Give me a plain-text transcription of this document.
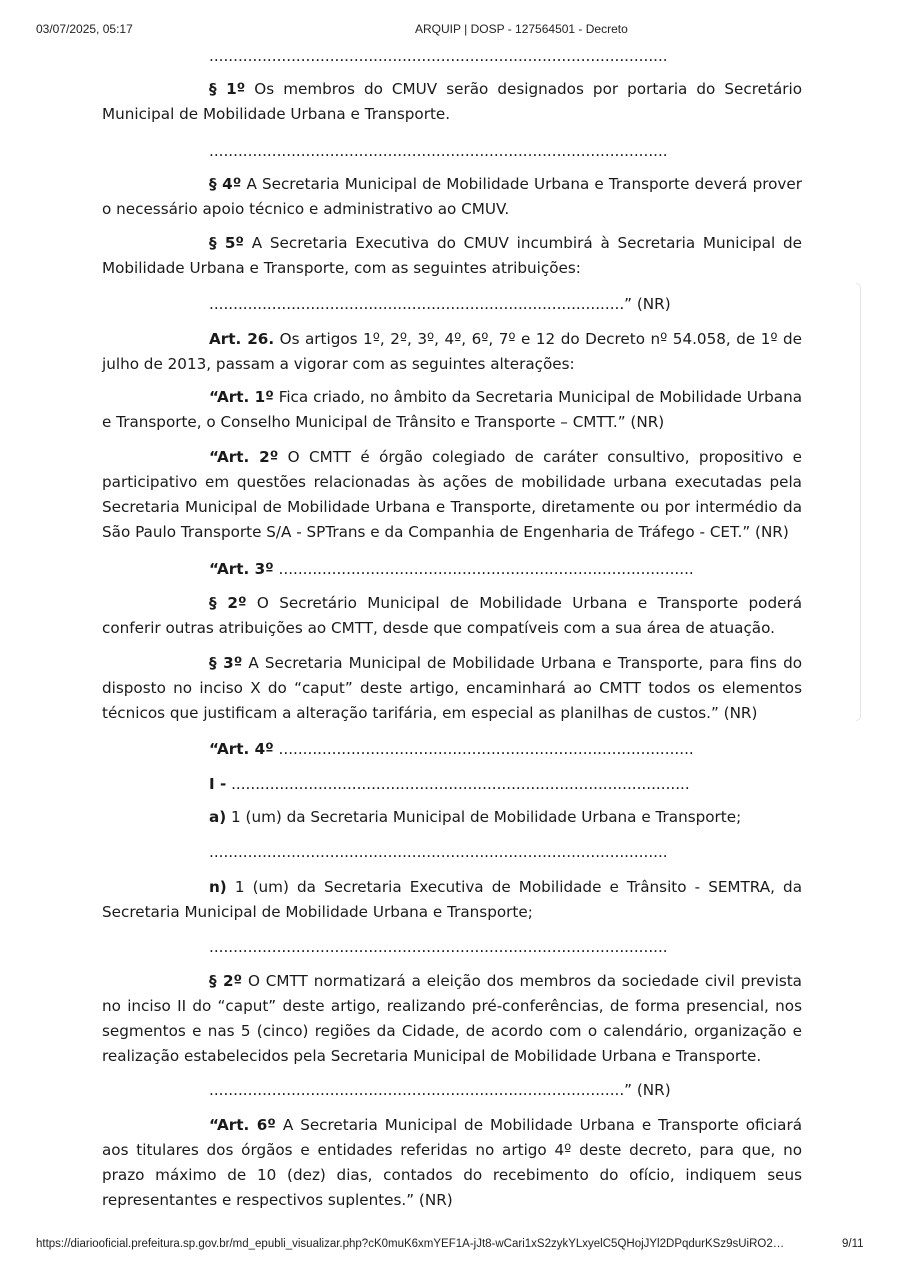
03/07/2025, 05:17	ARQUIP | DOSP - 127564501 - Decreto

...............................................................................................

§ 1º Os membros do CMUV serão designados por portaria do Secretário Municipal de Mobilidade Urbana e Transporte.

...............................................................................................

§ 4º A Secretaria Municipal de Mobilidade Urbana e Transporte deverá prover o necessário apoio técnico e administrativo ao CMUV.

§ 5º A Secretaria Executiva do CMUV incumbirá à Secretaria Municipal de Mobilidade Urbana e Transporte, com as seguintes atribuições:

......................................................................................” (NR)

Art. 26. Os artigos 1º, 2º, 3º, 4º, 6º, 7º e 12 do Decreto nº 54.058, de 1º de julho de 2013, passam a vigorar com as seguintes alterações:

“Art. 1º Fica criado, no âmbito da Secretaria Municipal de Mobilidade Urbana e Transporte, o Conselho Municipal de Trânsito e Transporte – CMTT.” (NR)

“Art. 2º O CMTT é órgão colegiado de caráter consultivo, propositivo e participativo em questões relacionadas às ações de mobilidade urbana executadas pela Secretaria Municipal de Mobilidade Urbana e Transporte, diretamente ou por intermédio da São Paulo Transporte S/A - SPTrans e da Companhia de Engenharia de Tráfego - CET.” (NR)

“Art. 3º ......................................................................................

§ 2º O Secretário Municipal de Mobilidade Urbana e Transporte poderá conferir outras atribuições ao CMTT, desde que compatíveis com a sua área de atuação.

§ 3º A Secretaria Municipal de Mobilidade Urbana e Transporte, para fins do disposto no inciso X do “caput” deste artigo, encaminhará ao CMTT todos os elementos técnicos que justificam a alteração tarifária, em especial as planilhas de custos.” (NR)

“Art. 4º ......................................................................................

I - ...............................................................................................

a) 1 (um) da Secretaria Municipal de Mobilidade Urbana e Transporte;

...............................................................................................

n) 1 (um) da Secretaria Executiva de Mobilidade e Trânsito - SEMTRA, da Secretaria Municipal de Mobilidade Urbana e Transporte;

...............................................................................................

§ 2º O CMTT normatizará a eleição dos membros da sociedade civil prevista no inciso II do “caput” deste artigo, realizando pré-conferências, de forma presencial, nos segmentos e nas 5 (cinco) regiões da Cidade, de acordo com o calendário, organização e realização estabelecidos pela Secretaria Municipal de Mobilidade Urbana e Transporte.

......................................................................................” (NR)

“Art. 6º A Secretaria Municipal de Mobilidade Urbana e Transporte oficiará aos titulares dos órgãos e entidades referidas no artigo 4º deste decreto, para que, no prazo máximo de 10 (dez) dias, contados do recebimento do ofício, indiquem seus representantes e respectivos suplentes.” (NR)

https://diariooficial.prefeitura.sp.gov.br/md_epubli_visualizar.php?cK0muK6xmYEF1A-jJt8-wCari1xS2zykYLxyelC5QHojJYl2DPqdurKSz9sUiRO2…	9/11
